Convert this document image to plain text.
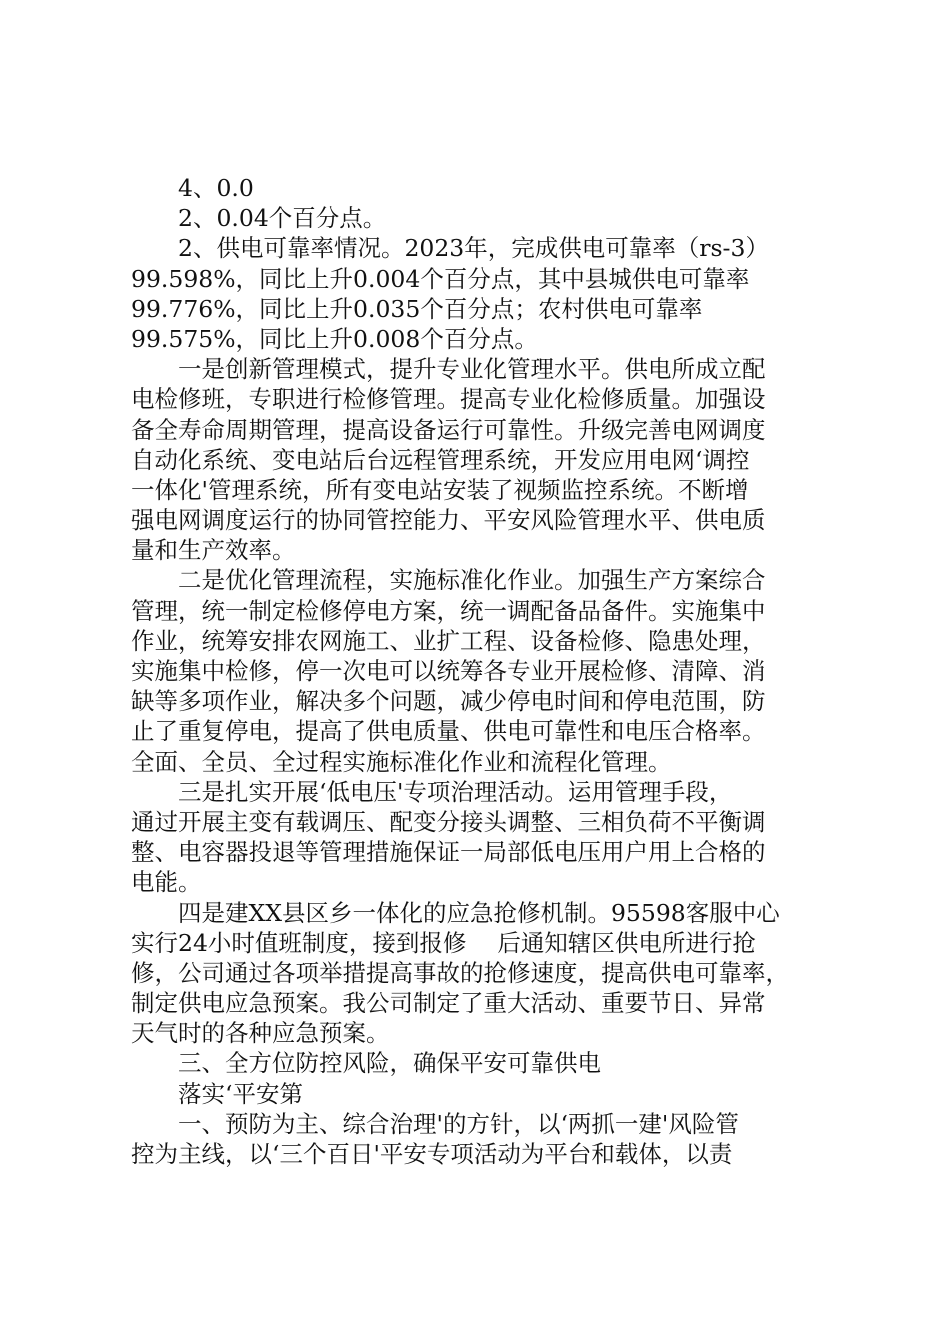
4、0.0
2、0.04个百分点。
2、供电可靠率情况。2023年，完成供电可靠率（rs-3）
99.598%，同比上升0.004个百分点，其中县城供电可靠率
99.776%，同比上升0.035个百分点；农村供电可靠率
99.575%，同比上升0.008个百分点。
一是创新管理模式，提升专业化管理水平。供电所成立配
电检修班，专职进行检修管理。提高专业化检修质量。加强设
备全寿命周期管理，提高设备运行可靠性。升级完善电网调度
自动化系统、变电站后台远程管理系统，开发应用电网‘调控
一体化'管理系统，所有变电站安装了视频监控系统。不断增
强电网调度运行的协同管控能力、平安风险管理水平、供电质
量和生产效率。
二是优化管理流程，实施标准化作业。加强生产方案综合
管理，统一制定检修停电方案，统一调配备品备件。实施集中
作业，统筹安排农网施工、业扩工程、设备检修、隐患处理，
实施集中检修，停一次电可以统筹各专业开展检修、清障、消
缺等多项作业，解决多个问题，减少停电时间和停电范围，防
止了重复停电，提高了供电质量、供电可靠性和电压合格率。
全面、全员、全过程实施标准化作业和流程化管理。
三是扎实开展‘低电压'专项治理活动。运用管理手段，
通过开展主变有载调压、配变分接头调整、三相负荷不平衡调
整、电容器投退等管理措施保证一局部低电压用户用上合格的
电能。
四是建XX县区乡一体化的应急抢修机制。95598客服中心
实行24小时值班制度，接到报修　 后通知辖区供电所进行抢
修，公司通过各项举措提高事故的抢修速度，提高供电可靠率，
制定供电应急预案。我公司制定了重大活动、重要节日、异常
天气时的各种应急预案。
三、全方位防控风险，确保平安可靠供电
落实‘平安第
一、预防为主、综合治理'的方针，以‘两抓一建'风险管
控为主线，以‘三个百日'平安专项活动为平台和载体，以责
